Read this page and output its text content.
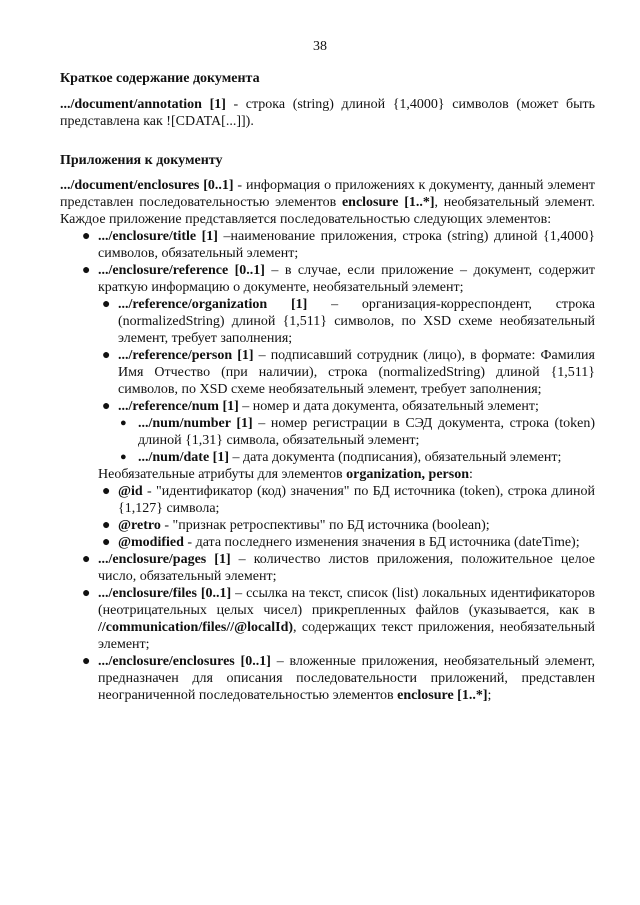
38

Краткое содержание документа

.../document/annotation [1] - строка (string) длиной {1,4000} символов (может быть представлена как ![CDATA[...]]).

Приложения к документу

.../document/enclosures [0..1] - информация о приложениях к документу, данный элемент представлен последовательностью элементов enclosure [1..*], необязательный элемент. Каждое приложение представляется последовательностью следующих элементов:

● .../enclosure/title [1] –наименование приложения, строка (string) длиной {1,4000} символов, обязательный элемент;
● .../enclosure/reference [0..1] – в случае, если приложение – документ, содержит краткую информацию о документе, необязательный элемент;
● .../reference/organization [1] – организация-корреспондент, строка (normalizedString) длиной {1,511} символов, по XSD схеме необязательный элемент, требует заполнения;
● .../reference/person [1] – подписавший сотрудник (лицо), в формате: Фамилия Имя Отчество (при наличии), строка (normalizedString) длиной {1,511} символов, по XSD схеме необязательный элемент, требует заполнения;
● .../reference/num [1] – номер и дата документа, обязательный элемент;
● .../num/number [1] – номер регистрации в СЭД документа, строка (token) длиной {1,31} символа, обязательный элемент;
● .../num/date [1] – дата документа (подписания), обязательный элемент;

Необязательные атрибуты для элементов organization, person:

● @id - "идентификатор (код) значения" по БД источника (token), строка длиной {1,127} символа;
● @retro - "признак ретроспективы" по БД источника (boolean);
● @modified - дата последнего изменения значения в БД источника (dateTime);
● .../enclosure/pages [1] – количество листов приложения, положительное целое число, обязательный элемент;
● .../enclosure/files [0..1] – ссылка на текст, список (list) локальных идентификаторов (неотрицательных целых чисел) прикрепленных файлов (указывается, как в //communication/files//@localId), содержащих текст приложения, необязательный элемент;
● .../enclosure/enclosures [0..1] – вложенные приложения, необязательный элемент, предназначен для описания последовательности приложений, представлен неограниченной последовательностью элементов enclosure [1..*];
